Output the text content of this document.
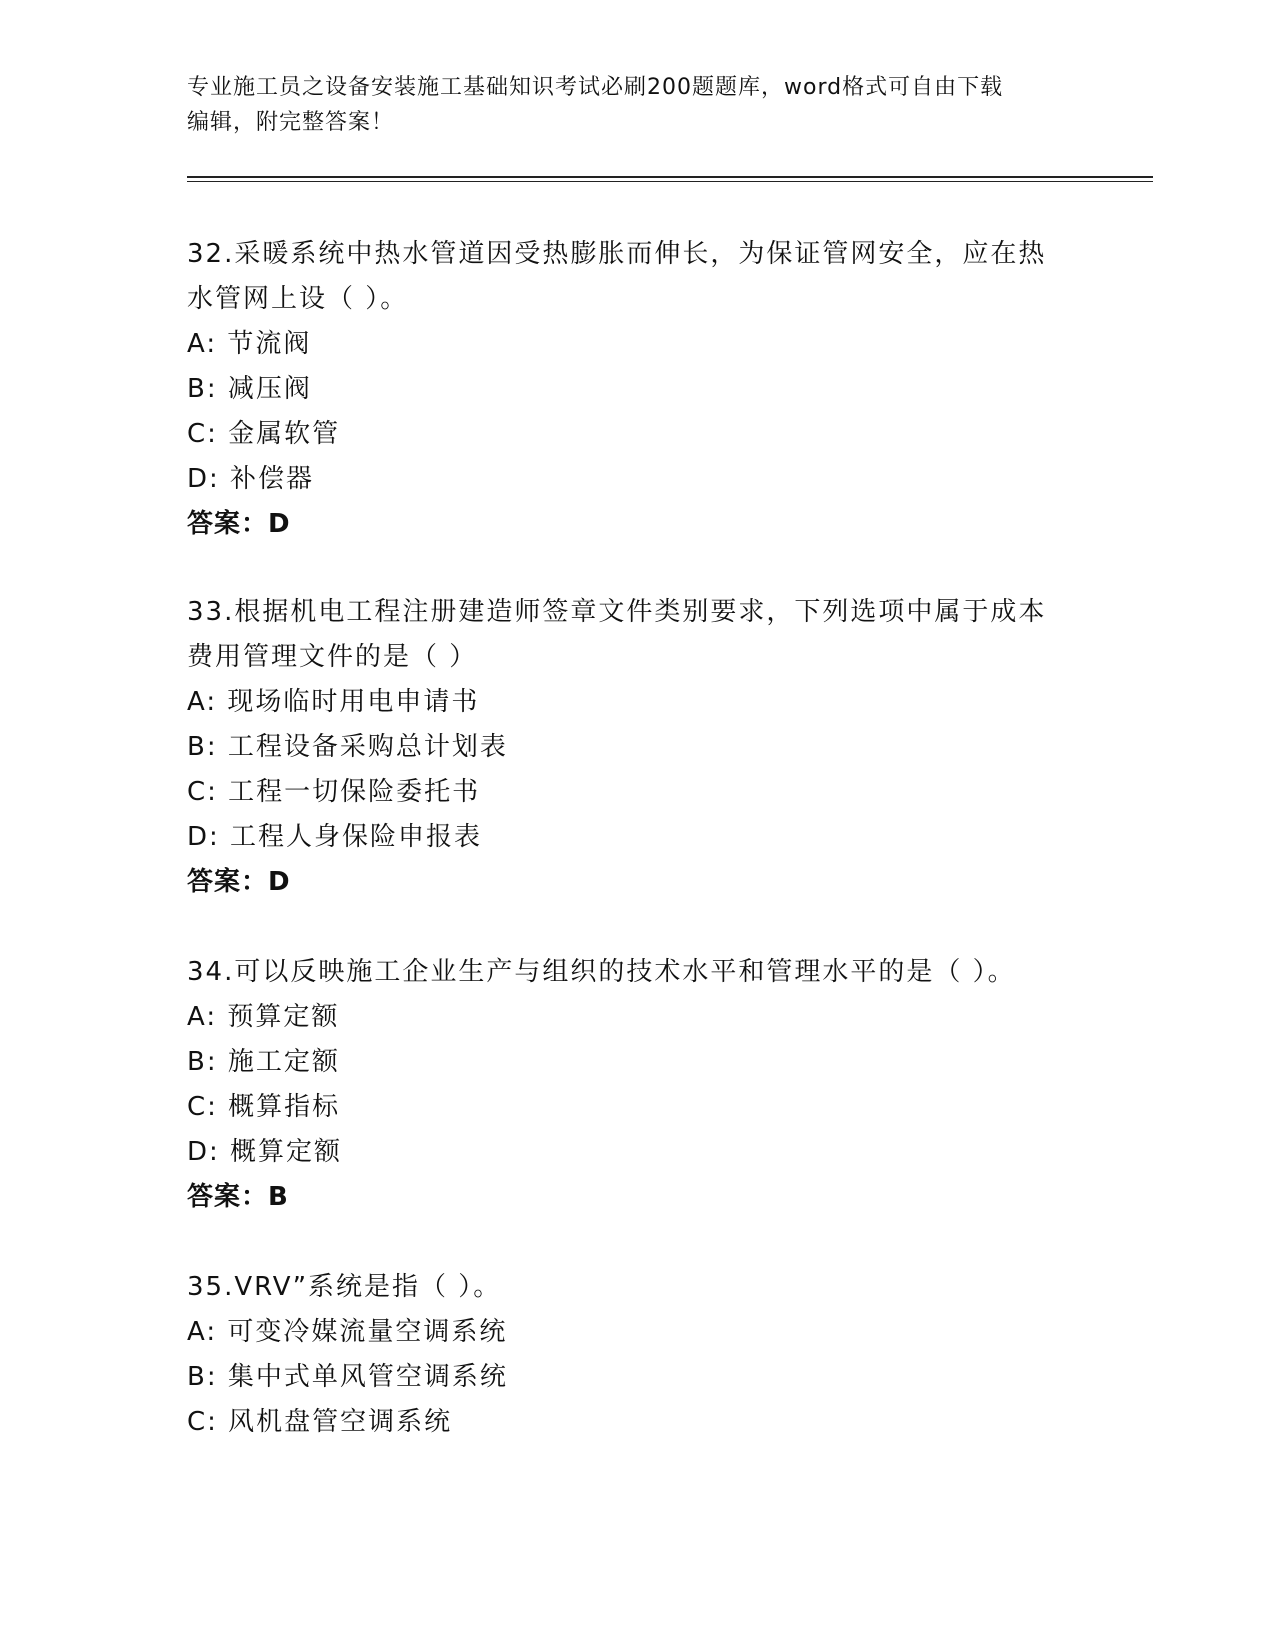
专业施工员之设备安装施工基础知识考试必刷200题题库，word格式可自由下载
编辑，附完整答案！
32.采暖系统中热水管道因受热膨胀而伸长，为保证管网安全，应在热
水管网上设（ ）。
A: 节流阀
B: 减压阀
C: 金属软管
D: 补偿器
答案：D
33.根据机电工程注册建造师签章文件类别要求，下列选项中属于成本
费用管理文件的是（ ）
A: 现场临时用电申请书
B: 工程设备采购总计划表
C: 工程一切保险委托书
D: 工程人身保险申报表
答案：D
34.可以反映施工企业生产与组织的技术水平和管理水平的是（ ）。
A: 预算定额
B: 施工定额
C: 概算指标
D: 概算定额
答案：B
35.VRV”系统是指（ ）。
A: 可变冷媒流量空调系统
B: 集中式单风管空调系统
C: 风机盘管空调系统
